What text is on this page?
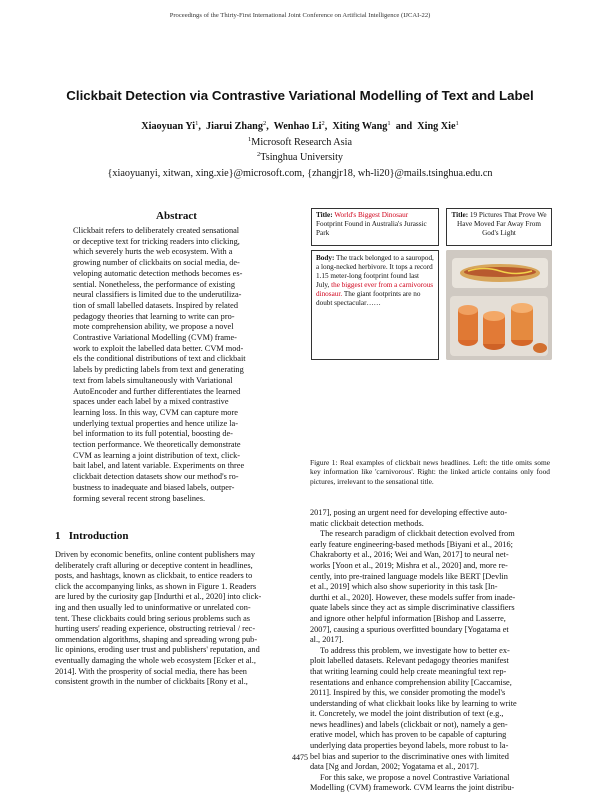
Proceedings of the Thirty-First International Joint Conference on Artificial Intelligence (IJCAI-22)
Clickbait Detection via Contrastive Variational Modelling of Text and Label
Xiaoyuan Yi$^1$,  Jiarui Zhang$^2$,  Wenhao Li$^2$,  Xiting Wang$^1$  and  Xing Xie$^1$
$^1$Microsoft Research Asia
$^2$Tsinghua University
{xiaoyuanyi, xitwan, xing.xie}@microsoft.com, {zhangjr18, wh-li20}@mails.tsinghua.edu.cn
Abstract
Clickbait refers to deliberately created sensational
or deceptive text for tricking readers into clicking,
which severely hurts the web ecosystem. With a
growing number of clickbaits on social media, de-
veloping automatic detection methods becomes es-
sential. Nonetheless, the performance of existing
neural classifiers is limited due to the underutiliza-
tion of small labelled datasets. Inspired by related
pedagogy theories that learning to write can pro-
mote comprehension ability, we propose a novel
Contrastive Variational Modelling (CVM) frame-
work to exploit the labelled data better. CVM mod-
els the conditional distributions of text and clickbait
labels by predicting labels from text and generating
text from labels simultaneously with Variational
AutoEncoder and further differentiates the learned
spaces under each label by a mixed contrastive
learning loss. In this way, CVM can capture more
underlying textual properties and hence utilize la-
bel information to its full potential, boosting de-
tection performance. We theoretically demonstrate
CVM as learning a joint distribution of text, click-
bait label, and latent variable. Experiments on three
clickbait detection datasets show our method's ro-
bustness to inadequate and biased labels, outper-
forming several recent strong baselines.
1 Introduction
Driven by economic benefits, online content publishers may
deliberately craft alluring or deceptive content in headlines,
posts, and hashtags, known as clickbait, to entice readers to
click the accompanying links, as shown in Figure 1. Readers
are lured by the curiosity gap [Indurthi et al., 2020] into click-
ing and then usually led to uninformative or unrelated con-
tent. These clickbaits could bring serious problems such as
hurting users' reading experience, obstructing retrieval / rec-
ommendation algorithms, shaping and spreading wrong pub-
lic opinions, eroding user trust and publishers' reputation, and
eventually damaging the whole web ecosystem [Ecker et al.,
2014]. With the prosperity of social media, there has been
consistent growth in the number of clickbaits [Rony et al.,
Title: World's Biggest Dinosaur Footprint Found in Australia's Jurassic Park
Title: 19 Pictures That Prove We Have Moved Far Away From God's Light
Body: The track belonged to a sauropod, a long-necked herbivore. It tops a record 1.15 meter-long footprint found last July, the biggest ever from a carnivorous dinosaur. The giant footprints are no doubt spectacular……
Figure 1: Real examples of clickbait news headlines. Left: the title omits some key information like 'carnivorous'. Right: the linked article contains only food pictures, irrelevant to the sensational title.
2017], posing an urgent need for developing effective auto-
matic clickbait detection methods.
The research paradigm of clickbait detection evolved from
early feature engineering-based methods [Biyani et al., 2016;
Chakraborty et al., 2016; Wei and Wan, 2017] to neural net-
works [Yoon et al., 2019; Mishra et al., 2020] and, more re-
cently, into pre-trained language models like BERT [Devlin
et al., 2019] which also show superiority in this task [In-
durthi et al., 2020]. However, these models suffer from inade-
quate labels since they act as simple discriminative classifiers
and ignore other helpful information [Bishop and Lasserre,
2007], causing a spurious overfitted boundary [Yogatama et
al., 2017].
To address this problem, we investigate how to better ex-
ploit labelled datasets. Relevant pedagogy theories manifest
that writing learning could help create meaningful text rep-
resentations and enhance comprehension ability [Caccamise,
2011]. Inspired by this, we consider promoting the model's
understanding of what clickbait looks like by learning to write
it. Concretely, we model the joint distribution of text (e.g.,
news headlines) and labels (clickbait or not), namely a gen-
erative model, which has proven to be capable of capturing
underlying data properties beyond labels, more robust to la-
bel bias and superior to the discriminative ones with limited
data [Ng and Jordan, 2002; Yogatama et al., 2017].
For this sake, we propose a novel Contrastive Variational
Modelling (CVM) framework. CVM learns the joint distribu-
4475
